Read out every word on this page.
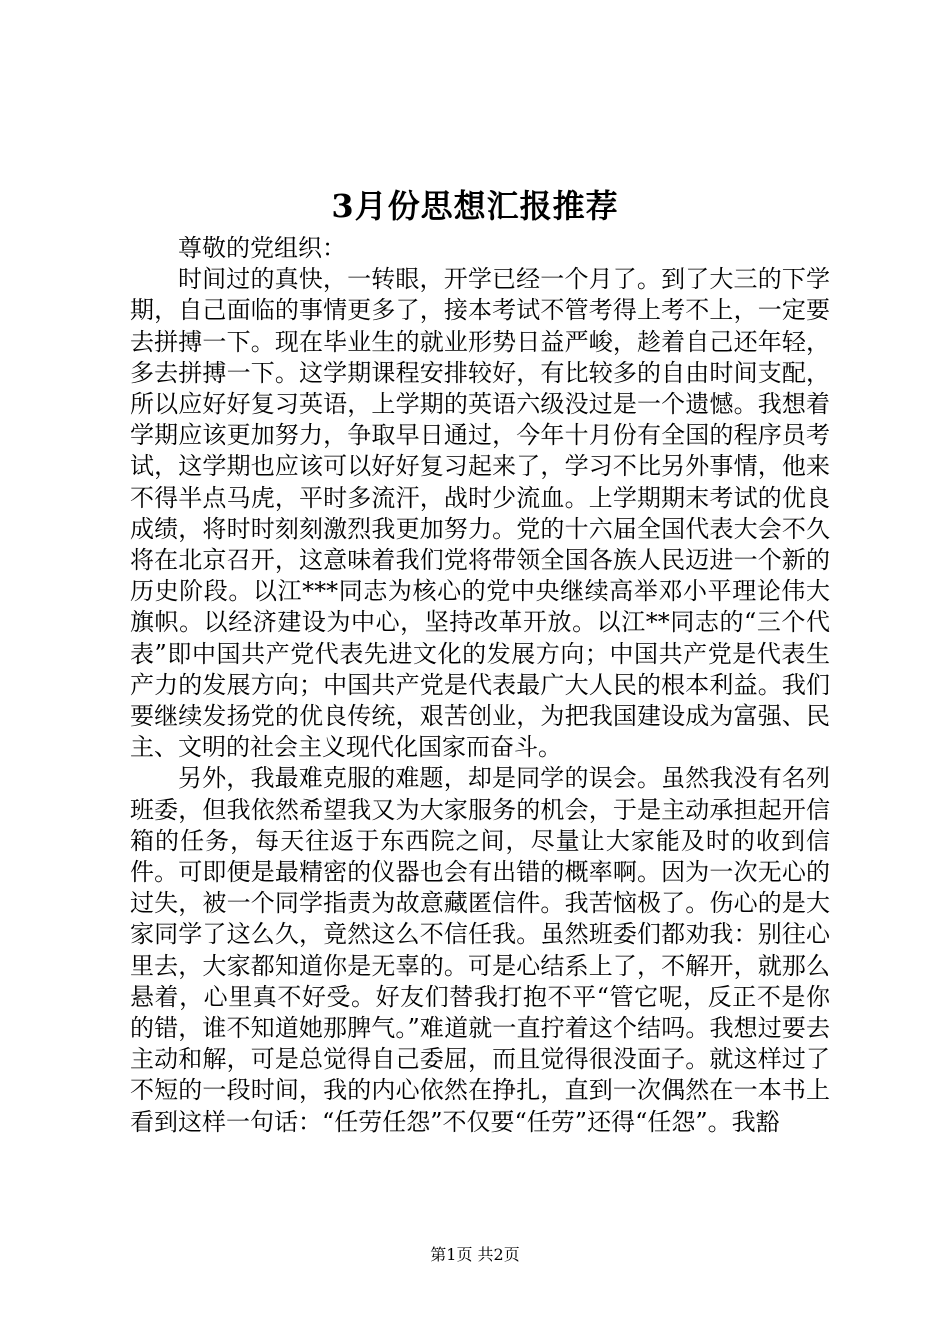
3月份思想汇报推荐

尊敬的党组织：

时间过的真快，一转眼，开学已经一个月了。到了大三的下学期，自己面临的事情更多了，接本考试不管考得上考不上，一定要去拼搏一下。现在毕业生的就业形势日益严峻，趁着自己还年轻，多去拼搏一下。这学期课程安排较好，有比较多的自由时间支配，所以应好好复习英语，上学期的英语六级没过是一个遗憾。我想着学期应该更加努力，争取早日通过，今年十月份有全国的程序员考试，这学期也应该可以好好复习起来了，学习不比另外事情，他来不得半点马虎，平时多流汗，战时少流血。上学期期末考试的优良成绩，将时时刻刻激烈我更加努力。党的十六届全国代表大会不久将在北京召开，这意味着我们党将带领全国各族人民迈进一个新的历史阶段。以江***同志为核心的党中央继续高举邓小平理论伟大旗帜。以经济建设为中心，坚持改革开放。以江**同志的“三个代表”即中国共产党代表先进文化的发展方向；中国共产党是代表生产力的发展方向；中国共产党是代表最广大人民的根本利益。我们要继续发扬党的优良传统，艰苦创业，为把我国建设成为富强、民主、文明的社会主义现代化国家而奋斗。

另外，我最难克服的难题，却是同学的误会。虽然我没有名列班委，但我依然希望我又为大家服务的机会，于是主动承担起开信箱的任务，每天往返于东西院之间，尽量让大家能及时的收到信件。可即便是最精密的仪器也会有出错的概率啊。因为一次无心的过失，被一个同学指责为故意藏匿信件。我苦恼极了。伤心的是大家同学了这么久，竟然这么不信任我。虽然班委们都劝我：别往心里去，大家都知道你是无辜的。可是心结系上了，不解开，就那么悬着，心里真不好受。好友们替我打抱不平“管它呢，反正不是你的错，谁不知道她那脾气。”难道就一直拧着这个结吗。我想过要去主动和解，可是总觉得自己委屈，而且觉得很没面子。就这样过了不短的一段时间，我的内心依然在挣扎，直到一次偶然在一本书上看到这样一句话：“任劳任怨”不仅要“任劳”还得“任怨”。我豁

第1页 共2页
